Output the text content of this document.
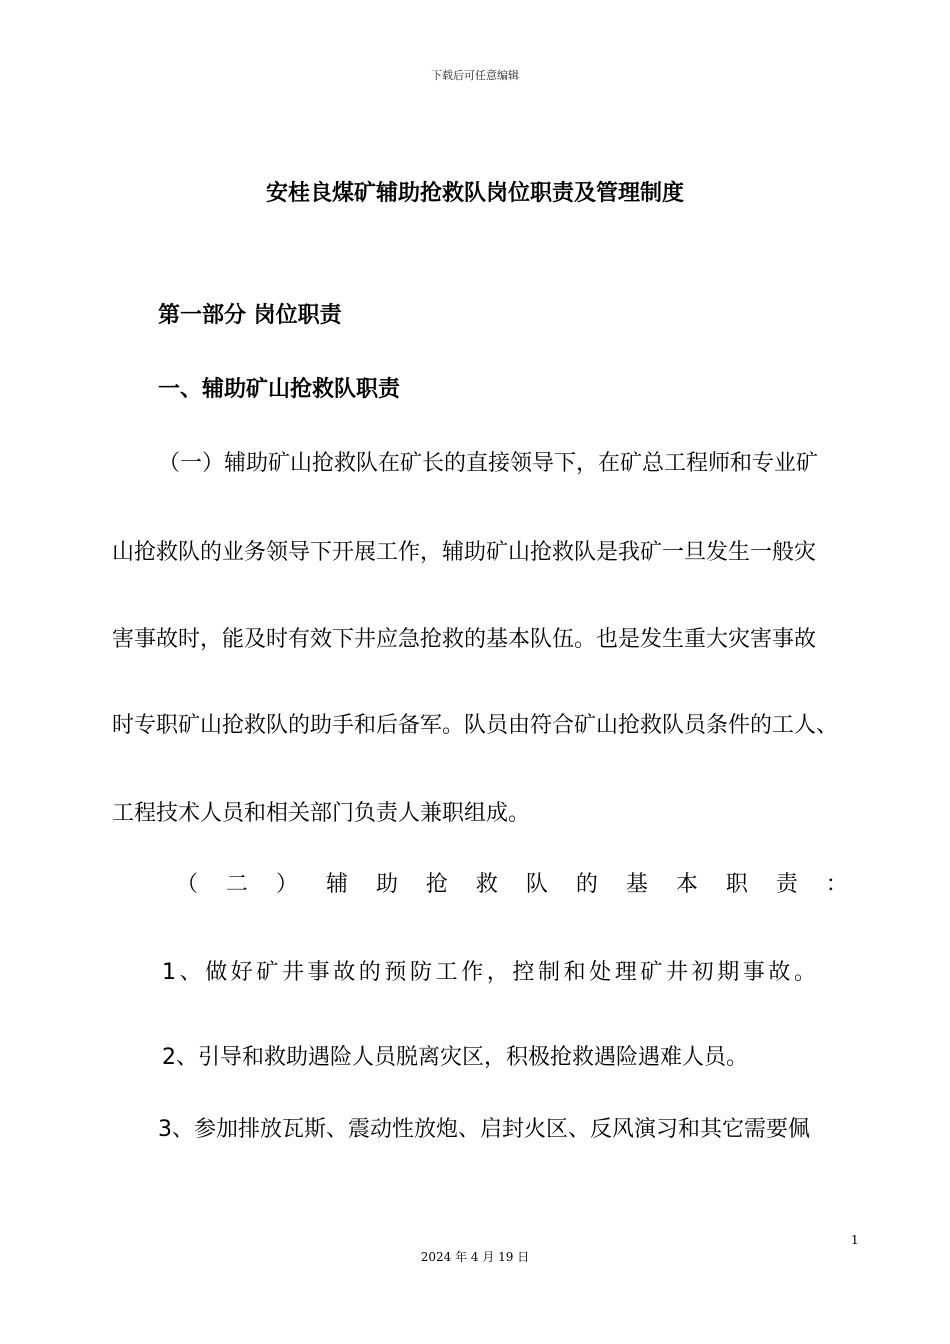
下载后可任意编辑
安桂良煤矿辅助抢救队岗位职责及管理制度
第一部分 岗位职责
一、辅助矿山抢救队职责
（一）辅助矿山抢救队在矿长的直接领导下，在矿总工程师和专业矿
山抢救队的业务领导下开展工作，辅助矿山抢救队是我矿一旦发生一般灾
害事故时，能及时有效下井应急抢救的基本队伍。也是发生重大灾害事故
时专职矿山抢救队的助手和后备军。队员由符合矿山抢救队员条件的工人、
工程技术人员和相关部门负责人兼职组成。
（ 二 ） 辅 助 抢 救 队 的 基 本 职 责 ：
1、做好矿井事故的预防工作，控制和处理矿井初期事故。
2、引导和救助遇险人员脱离灾区，积极抢救遇险遇难人员。
3、参加排放瓦斯、震动性放炮、启封火区、反风演习和其它需要佩
1
2024 年 4 月 19 日
